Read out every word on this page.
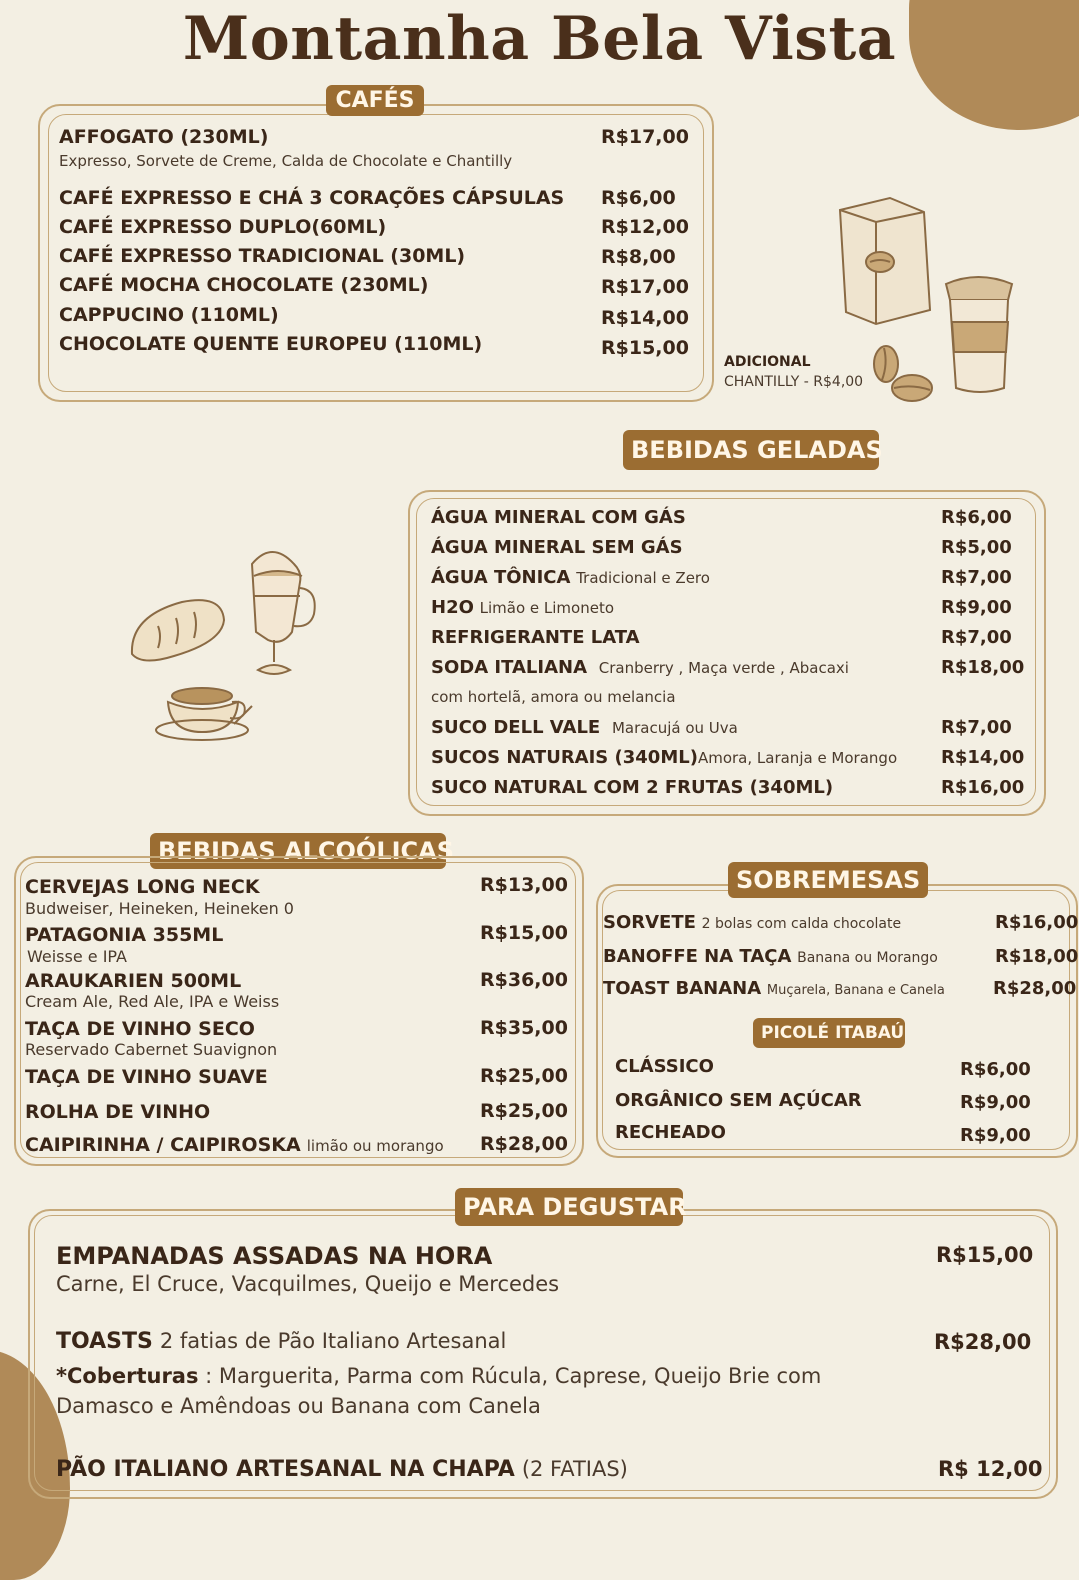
Montanha Bela Vista
CAFÉS
AFFOGATO (230ML)	R$17,00
Expresso, Sorvete de Creme, Calda de Chocolate e Chantilly
CAFÉ EXPRESSO E CHÁ 3 CORAÇÕES CÁPSULAS R$6,00
CAFÉ EXPRESSO DUPLO(60ML)	R$12,00
CAFÉ EXPRESSO TRADICIONAL (30ML)	R$8,00
CAFÉ MOCHA CHOCOLATE (230ML)	R$17,00
CAPPUCINO (110ML)	R$14,00
CHOCOLATE QUENTE EUROPEU (110ML)	R$15,00
ADICIONAL
CHANTILLY - R$4,00
BEBIDAS GELADAS
ÁGUA MINERAL COM GÁS	R$6,00
ÁGUA MINERAL SEM GÁS	R$5,00
ÁGUA TÔNICA Tradicional e Zero	R$7,00
H2O Limão e Limoneto	R$9,00
REFRIGERANTE LATA	R$7,00
SODA ITALIANA Cranberry , Maça verde , Abacaxi	R$18,00
com hortelã, amora ou melancia
SUCO DELL VALE Maracujá ou Uva	R$7,00
SUCOS NATURAIS (340ML)Amora, Laranja e Morango R$14,00
SUCO NATURAL COM 2 FRUTAS (340ML)	R$16,00
BEBIDAS ALCOÓLICAS
CERVEJAS LONG NECK	R$13,00
Budweiser, Heineken, Heineken 0
PATAGONIA 355ML	R$15,00
Weisse e IPA
ARAUKARIEN 500ML	R$36,00
Cream Ale, Red Ale, IPA e Weiss
TAÇA DE VINHO SECO	R$35,00
Reservado Cabernet Suavignon
TAÇA DE VINHO SUAVE	R$25,00
ROLHA DE VINHO	R$25,00
CAIPIRINHA / CAIPIROSKA limão ou morango R$28,00
SOBREMESAS
SORVETE 2 bolas com calda chocolate	R$16,00
BANOFFE NA TAÇA Banana ou Morango	R$18,00
TOAST BANANA Muçarela, Banana e Canela	R$28,00
PICOLÉ ITABAÚ
CLÁSSICO	R$6,00
ORGÂNICO SEM AÇÚCAR	R$9,00
RECHEADO	R$9,00
PARA DEGUSTAR
EMPANADAS ASSADAS NA HORA	R$15,00
Carne, El Cruce, Vacquilmes, Queijo e Mercedes
TOASTS 2 fatias de Pão Italiano Artesanal	R$28,00
*Coberturas : Marguerita, Parma com Rúcula, Caprese, Queijo Brie com
Damasco e Amêndoas ou Banana com Canela
PÃO ITALIANO ARTESANAL NA CHAPA (2 FATIAS)	R$ 12,00
